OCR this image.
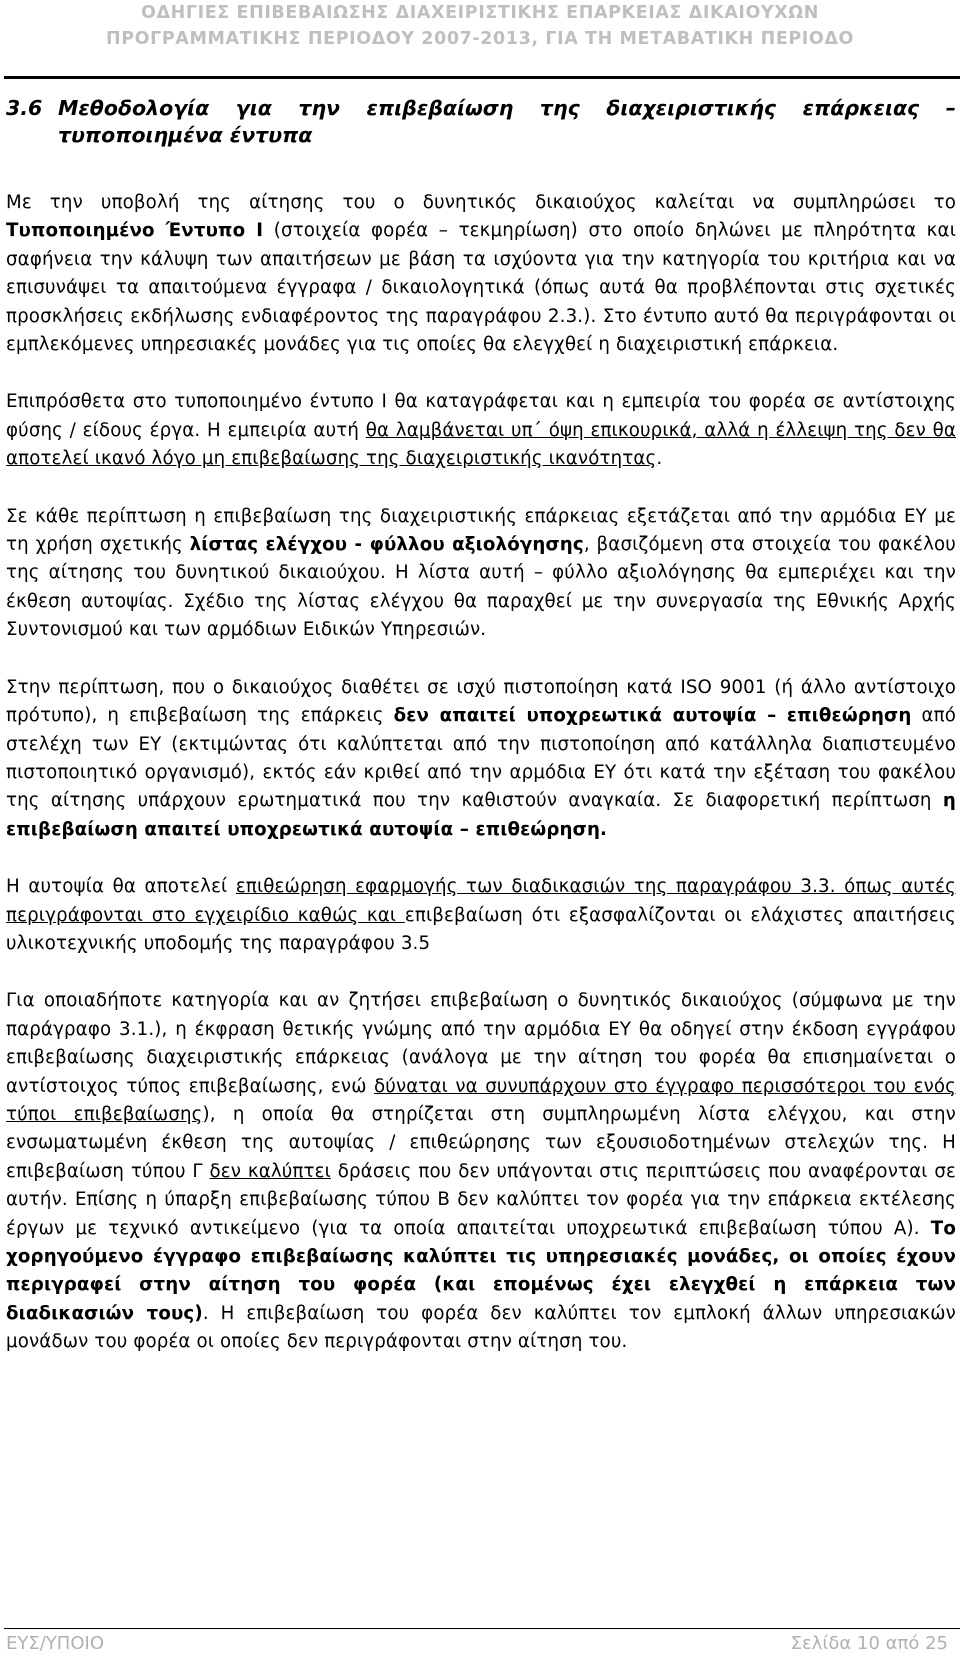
ΟΔΗΓΙΕΣ ΕΠΙΒΕΒΑΙΩΣΗΣ ΔΙΑΧΕΙΡΙΣΤΙΚΗΣ ΕΠΑΡΚΕΙΑΣ ΔΙΚΑΙΟΥΧΩΝ
ΠΡΟΓΡΑΜΜΑΤΙΚΗΣ ΠΕΡΙΟΔΟΥ 2007-2013, ΓΙΑ ΤΗ ΜΕΤΑΒΑΤΙΚΗ ΠΕΡΙΟΔΟ
3.6 Μεθοδολογία για την επιβεβαίωση της διαχειριστικής επάρκειας – τυποποιημένα έντυπα

Με την υποβολή της αίτησης του ο δυνητικός δικαιούχος καλείται να συμπληρώσει το Τυποποιημένο Έντυπο Ι (στοιχεία φορέα – τεκμηρίωση) στο οποίο δηλώνει με πληρότητα και σαφήνεια την κάλυψη των απαιτήσεων με βάση τα ισχύοντα για την κατηγορία του κριτήρια και να επισυνάψει τα απαιτούμενα έγγραφα / δικαιολογητικά (όπως αυτά θα προβλέπονται στις σχετικές προσκλήσεις εκδήλωσης ενδιαφέροντος της παραγράφου 2.3.). Στο έντυπο αυτό θα περιγράφονται οι εμπλεκόμενες υπηρεσιακές μονάδες για τις οποίες θα ελεγχθεί η διαχειριστική επάρκεια.

Επιπρόσθετα στο τυποποιημένο έντυπο Ι θα καταγράφεται και η εμπειρία του φορέα σε αντίστοιχης φύσης / είδους έργα. Η εμπειρία αυτή θα λαμβάνεται υπ΄ όψη επικουρικά, αλλά η έλλειψη της δεν θα αποτελεί ικανό λόγο μη επιβεβαίωσης της διαχειριστικής ικανότητας.

Σε κάθε περίπτωση η επιβεβαίωση της διαχειριστικής επάρκειας εξετάζεται από την αρμόδια ΕΥ με τη χρήση σχετικής λίστας ελέγχου - φύλλου αξιολόγησης, βασιζόμενη στα στοιχεία του φακέλου της αίτησης του δυνητικού δικαιούχου. Η λίστα αυτή – φύλλο αξιολόγησης θα εμπεριέχει και την έκθεση αυτοψίας. Σχέδιο της λίστας ελέγχου θα παραχθεί με την συνεργασία της Εθνικής Αρχής Συντονισμού και των αρμόδιων Ειδικών Υπηρεσιών.

Στην περίπτωση, που ο δικαιούχος διαθέτει σε ισχύ πιστοποίηση κατά ISO 9001 (ή άλλο αντίστοιχο πρότυπο), η επιβεβαίωση της επάρκεις δεν απαιτεί υποχρεωτικά αυτοψία – επιθεώρηση από στελέχη των ΕΥ (εκτιμώντας ότι καλύπτεται από την πιστοποίηση από κατάλληλα διαπιστευμένο πιστοποιητικό οργανισμό), εκτός εάν κριθεί από την αρμόδια ΕΥ ότι κατά την εξέταση του φακέλου της αίτησης υπάρχουν ερωτηματικά που την καθιστούν αναγκαία. Σε διαφορετική περίπτωση η επιβεβαίωση απαιτεί υποχρεωτικά αυτοψία – επιθεώρηση.

Η αυτοψία θα αποτελεί επιθεώρηση εφαρμογής των διαδικασιών της παραγράφου 3.3. όπως αυτές περιγράφονται στο εγχειρίδιο καθώς και επιβεβαίωση ότι εξασφαλίζονται οι ελάχιστες απαιτήσεις υλικοτεχνικής υποδομής της παραγράφου 3.5

Για οποιαδήποτε κατηγορία και αν ζητήσει επιβεβαίωση ο δυνητικός δικαιούχος (σύμφωνα με την παράγραφο 3.1.), η έκφραση θετικής γνώμης από την αρμόδια ΕΥ θα οδηγεί στην έκδοση εγγράφου επιβεβαίωσης διαχειριστικής επάρκειας (ανάλογα με την αίτηση του φορέα θα επισημαίνεται ο αντίστοιχος τύπος επιβεβαίωσης, ενώ δύναται να συνυπάρχουν στο έγγραφο περισσότεροι του ενός τύποι επιβεβαίωσης), η οποία θα στηρίζεται στη συμπληρωμένη λίστα ελέγχου, και στην ενσωματωμένη έκθεση της αυτοψίας / επιθεώρησης των εξουσιοδοτημένων στελεχών της. Η επιβεβαίωση τύπου Γ δεν καλύπτει δράσεις που δεν υπάγονται στις περιπτώσεις που αναφέρονται σε αυτήν. Επίσης η ύπαρξη επιβεβαίωσης τύπου Β δεν καλύπτει τον φορέα για την επάρκεια εκτέλεσης έργων με τεχνικό αντικείμενο (για τα οποία απαιτείται υποχρεωτικά επιβεβαίωση τύπου Α). Το χορηγούμενο έγγραφο επιβεβαίωσης καλύπτει τις υπηρεσιακές μονάδες, οι οποίες έχουν περιγραφεί στην αίτηση του φορέα (και επομένως έχει ελεγχθεί η επάρκεια των διαδικασιών τους). Η επιβεβαίωση του φορέα δεν καλύπτει τον εμπλοκή άλλων υπηρεσιακών μονάδων του φορέα οι οποίες δεν περιγράφονται στην αίτηση του.

ΕΥΣ/ΥΠΟΙΟ	Σελίδα 10 από 25
